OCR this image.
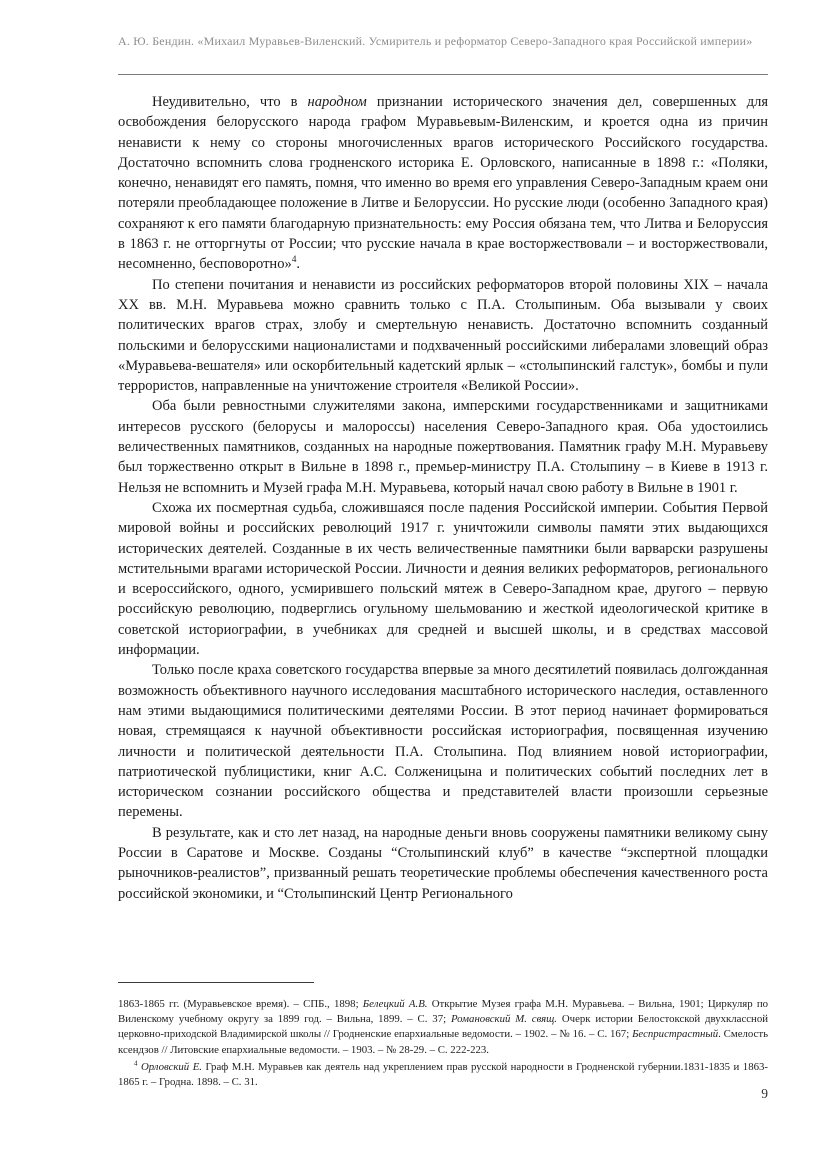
А. Ю. Бендин. «Михаил Муравьев-Виленский. Усмиритель и реформатор Северо-Западного края Российской империи»

Неудивительно, что в народном признании исторического значения дел, совершенных для освобождения белорусского народа графом Муравьевым-Виленским, и кроется одна из причин ненависти к нему со стороны многочисленных врагов исторического Российского государства. Достаточно вспомнить слова гродненского историка Е. Орловского, написанные в 1898 г.: «Поляки, конечно, ненавидят его память, помня, что именно во время его управления Северо-Западным краем они потеряли преобладающее положение в Литве и Белоруссии. Но русские люди (особенно Западного края) сохраняют к его памяти благодарную признательность: ему Россия обязана тем, что Литва и Белоруссия в 1863 г. не отторгнуты от России; что русские начала в крае восторжествовали – и восторжествовали, несомненно, бесповоротно»$^4$.

По степени почитания и ненависти из российских реформаторов второй половины XIX – начала XX вв. М.Н. Муравьева можно сравнить только с П.А. Столыпиным. Оба вызывали у своих политических врагов страх, злобу и смертельную ненависть. Достаточно вспомнить созданный польскими и белорусскими националистами и подхваченный российскими либералами зловещий образ «Муравьева-вешателя» или оскорбительный кадетский ярлык – «столыпинский галстук», бомбы и пули террористов, направленные на уничтожение строителя «Великой России».

Оба были ревностными служителями закона, имперскими государственниками и защитниками интересов русского (белорусы и малороссы) населения Северо-Западного края. Оба удостоились величественных памятников, созданных на народные пожертвования. Памятник графу М.Н. Муравьеву был торжественно открыт в Вильне в 1898 г., премьер-министру П.А. Столыпину – в Киеве в 1913 г. Нельзя не вспомнить и Музей графа М.Н. Муравьева, который начал свою работу в Вильне в 1901 г.

Схожа их посмертная судьба, сложившаяся после падения Российской империи. События Первой мировой войны и российских революций 1917 г. уничтожили символы памяти этих выдающихся исторических деятелей. Созданные в их честь величественные памятники были варварски разрушены мстительными врагами исторической России. Личности и деяния великих реформаторов, регионального и всероссийского, одного, усмирившего польский мятеж в Северо-Западном крае, другого – первую российскую революцию, подверглись огульному шельмованию и жесткой идеологической критике в советской историографии, в учебниках для средней и высшей школы, и в средствах массовой информации.

Только после краха советского государства впервые за много десятилетий появилась долгожданная возможность объективного научного исследования масштабного исторического наследия, оставленного нам этими выдающимися политическими деятелями России. В этот период начинает формироваться новая, стремящаяся к научной объективности российская историография, посвященная изучению личности и политической деятельности П.А. Столыпина. Под влиянием новой историографии, патриотической публицистики, книг А.С. Солженицына и политических событий последних лет в историческом сознании российского общества и представителей власти произошли серьезные перемены.

В результате, как и сто лет назад, на народные деньги вновь сооружены памятники великому сыну России в Саратове и Москве. Созданы “Столыпинский клуб” в качестве “экспертной площадки рыночников-реалистов”, призванный решать теоретические проблемы обеспечения качественного роста российской экономики, и “Столыпинский Центр Регионального

1863-1865 гг. (Муравьевское время). – СПБ., 1898; Белецкий А.В. Открытие Музея графа М.Н. Муравьева. – Вильна, 1901; Циркуляр по Виленскому учебному округу за 1899 год. – Вильна, 1899. – С. 37; Романовский М. свящ. Очерк истории Белостокской двухклассной церковно-приходской Владимирской школы // Гродненские епархиальные ведомости. – 1902. – № 16. – С. 167; Беспристрастный. Смелость ксендзов // Литовские епархиальные ведомости. – 1903. – № 28-29. – С. 222-223.

$^4$ Орловский Е. Граф М.Н. Муравьев как деятель над укреплением прав русской народности в Гродненской губернии.1831-1835 и 1863-1865 г. – Гродна. 1898. – С. 31.

9
